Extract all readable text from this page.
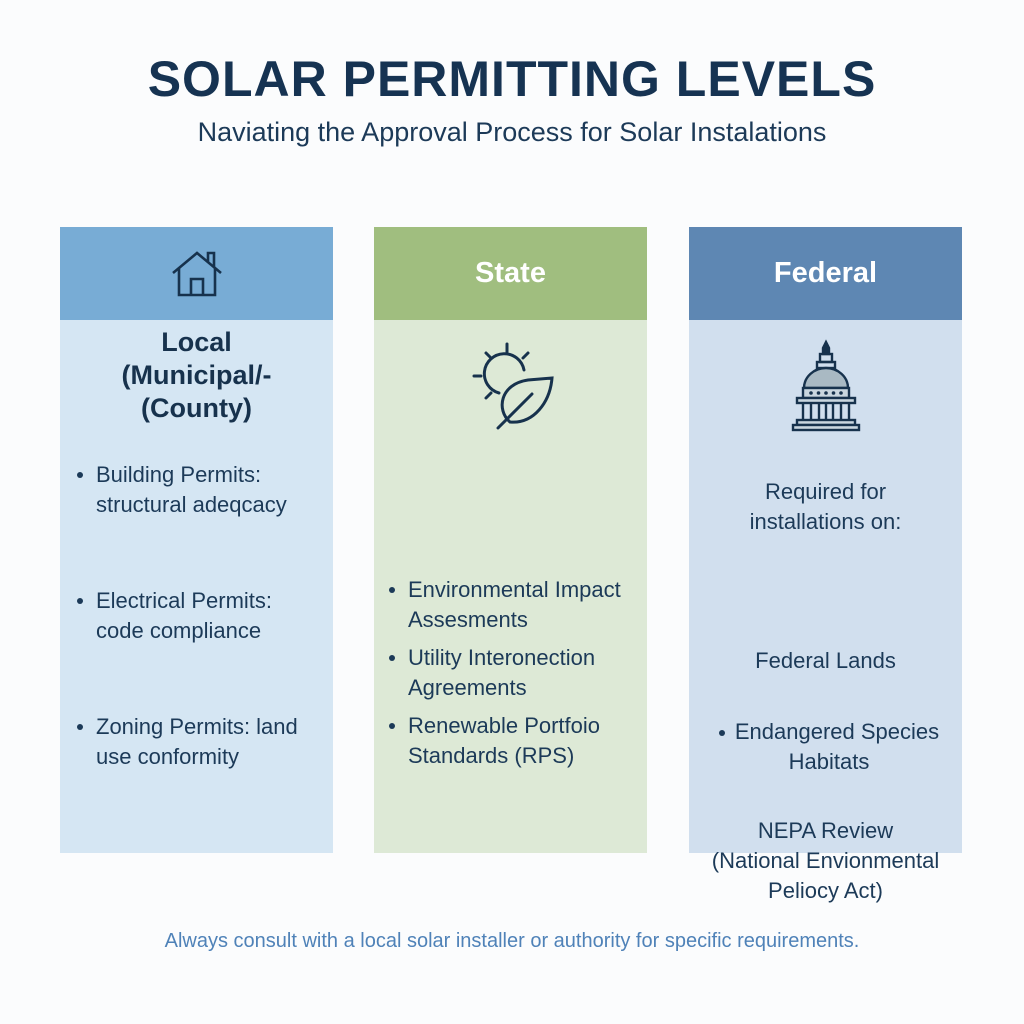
SOLAR PERMITTING LEVELS
Naviating the Approval Process for Solar Instalations
Local
(Municipal/-
(County)
Building Permits:
structural adeqcacy
Electrical Permits:
code compliance
Zoning Permits: land
use conformity
State
Environmental Impact
Assesments
Utility Interonection
Agreements
Renewable Portfoio
Standards (RPS)
Federal
Required for
installations on:
Federal Lands
Endangered Species
Habitats
NEPA Review
(National Envionmental
Peliocy Act)
Always consult with a local solar installer or authority for specific requirements.
